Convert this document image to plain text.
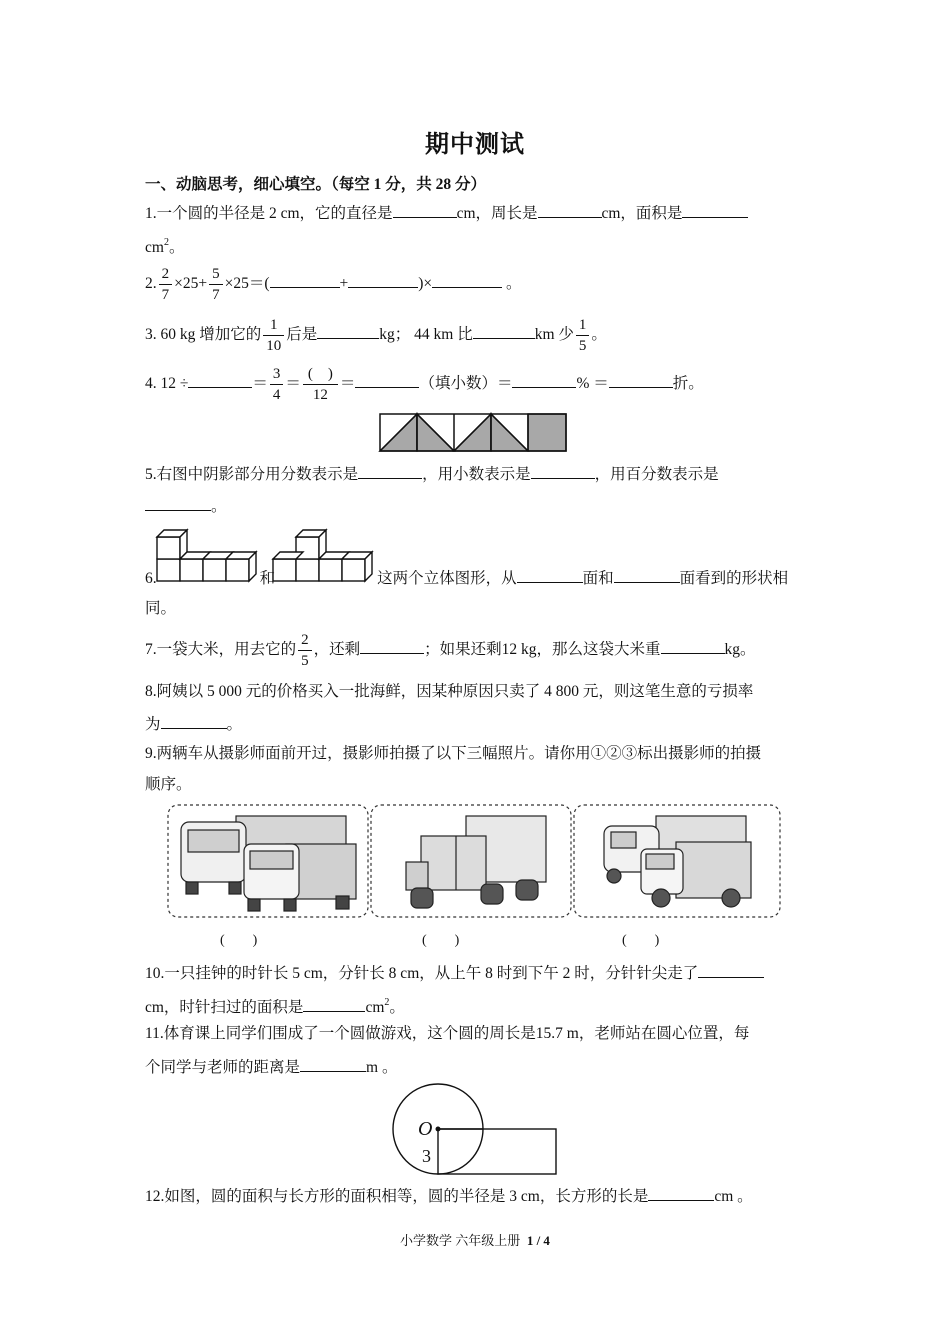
期中测试
一、动脑思考，细心填空。（每空 1 分，共 28 分）
1.一个圆的半径是 2 cm，它的直径是	cm，周长是	cm，面积是
$cm^2$。
2. $\frac{2}{7} \times 25+ \frac{5}{7} \times 25=$(	+	)×	。
3. 60 kg 增加它的 $\frac{1}{10}$ 后是	kg； 44 km 比	km 少 $\frac{1}{5}$ 。
4. 12 ÷	＝ $\frac{3}{4} = \frac{( )}{12}$ ＝	（填小数）＝	% ＝	折。
5.右图中阴影部分用分数表示是	，用小数表示是	，用百分数表示是
。
6.	和	这两个立体图形，从	面和	面看到的形状相
同。
7.一袋大米，用去它的 $\frac{2}{5}$ ，还剩	；如果还剩12 kg，那么这袋大米重	kg。
8.阿姨以 5 000 元的价格买入一批海鲜，因某种原因只卖了 4 800 元，则这笔生意的亏损率
为	。
9.两辆车从摄影师面前开过，摄影师拍摄了以下三幅照片。请你用①②③标出摄影师的拍摄
顺序。
(　　)	(　　)	(　　)
10.一只挂钟的时针长 5 cm，分针长 8 cm，从上午 8 时到下午 2 时，分针针尖走了
cm，时针扫过的面积是	$cm^2$。
11.体育课上同学们围成了一个圆做游戏，这个圆的周长是15.7 m，老师站在圆心位置，每
个同学与老师的距离是	m 。
O
3
12.如图，圆的面积与长方形的面积相等，圆的半径是 3 cm，长方形的长是	cm 。
小学数学 六年级上册 1 / 4
